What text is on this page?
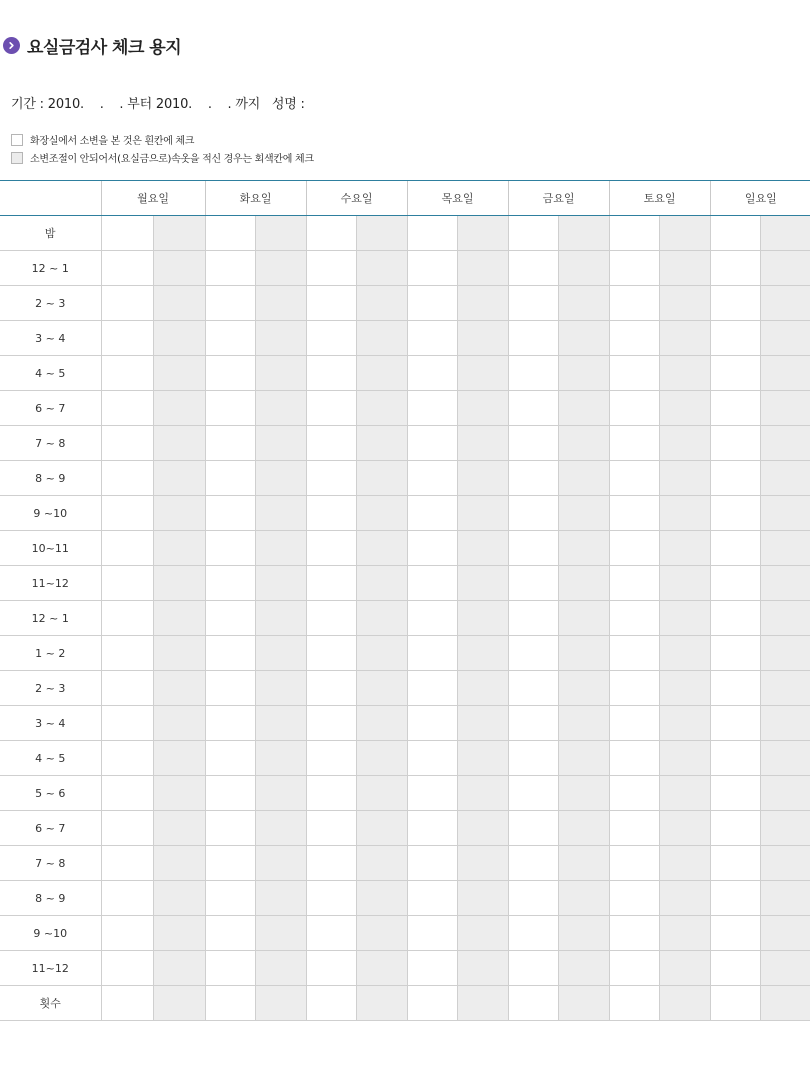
요실금검사 체크 용지
기간 : 2010.    .    . 부터 2010.    .    . 까지   성명 :
화장실에서 소변을 본 것은 흰칸에 체크
소변조절이 안되어서(요실금으로)속옷을 적신 경우는 회색칸에 체크
	월요일		화요일		수요일		목요일		금요일		토요일		일요일	
밤														
12 ~ 1														
2 ~ 3														
3 ~ 4														
4 ~ 5														
6 ~ 7														
7 ~ 8														
8 ~ 9														
9 ~10														
10~11														
11~12														
12 ~ 1														
1 ~ 2														
2 ~ 3														
3 ~ 4														
4 ~ 5														
5 ~ 6														
6 ~ 7														
7 ~ 8														
8 ~ 9														
9 ~10														
11~12														
횟수														
